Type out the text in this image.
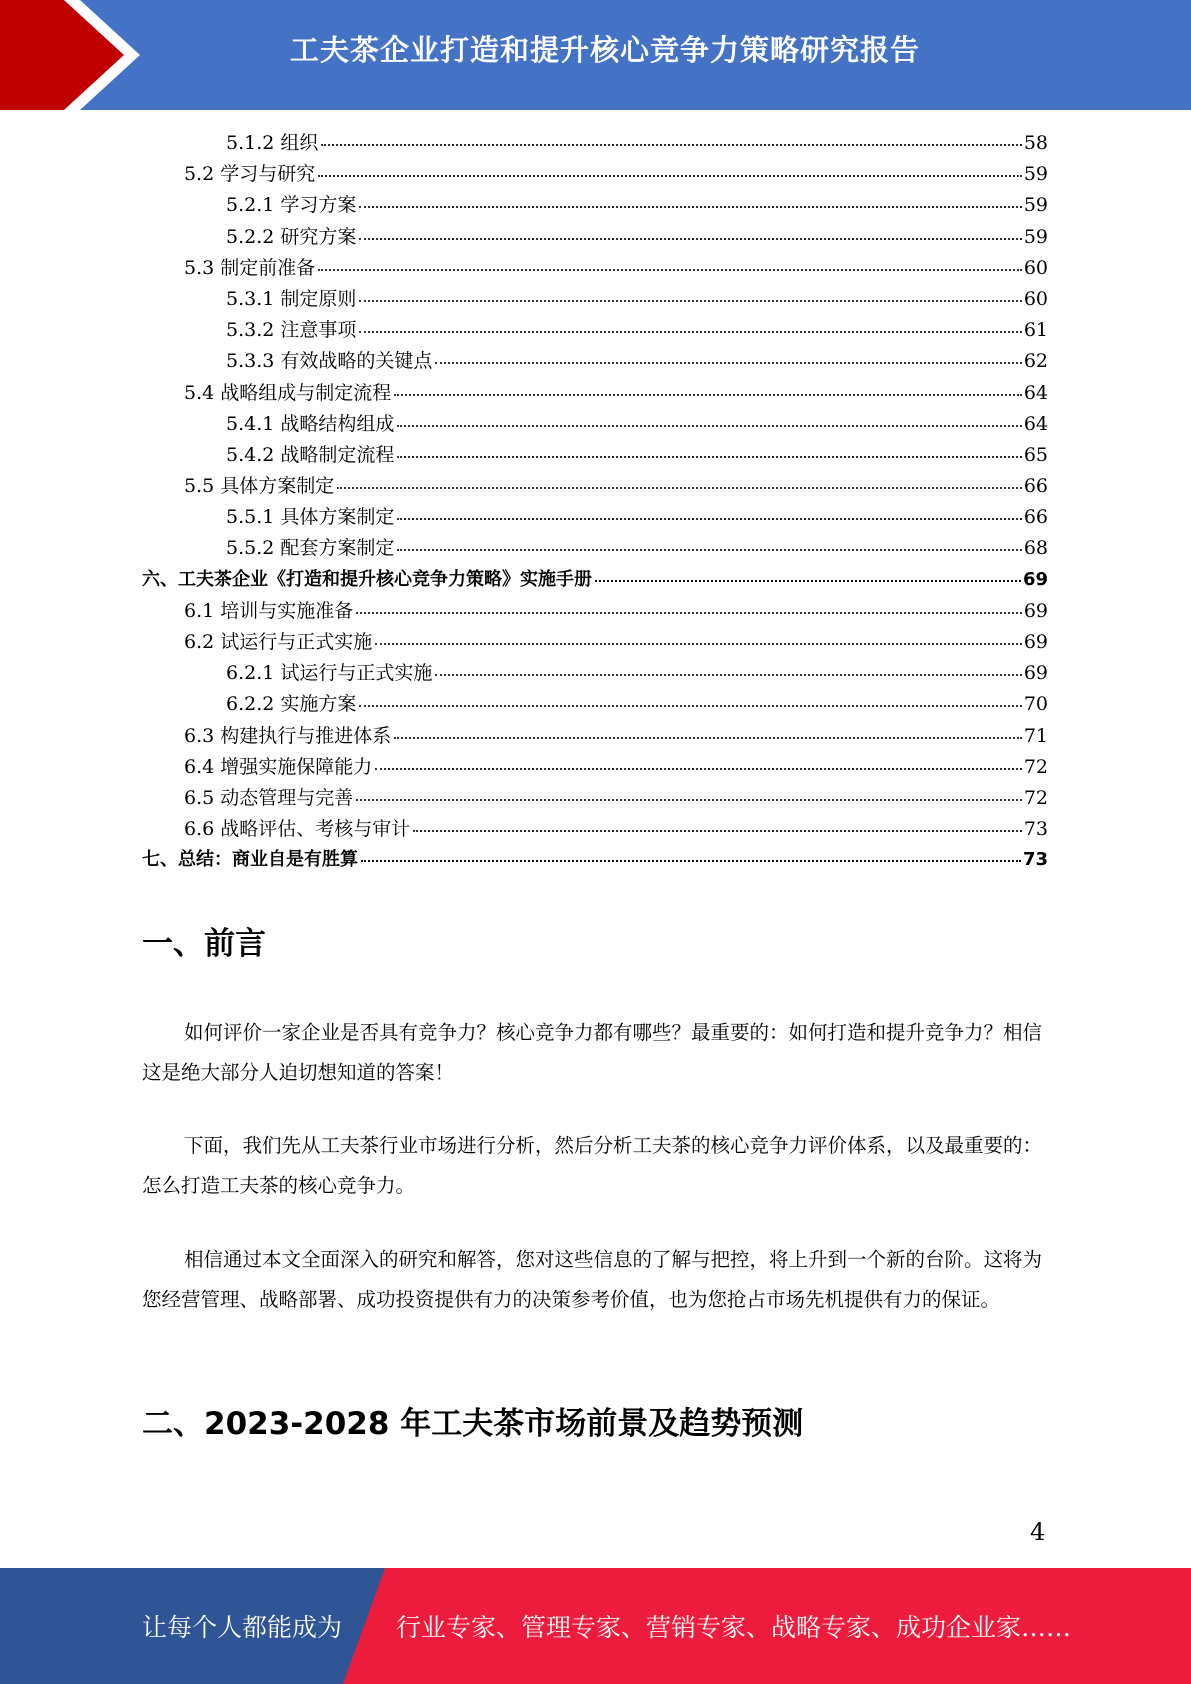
工夫茶企业打造和提升核心竞争力策略研究报告
5.1.2 组织	58
5.2 学习与研究	59
5.2.1 学习方案	59
5.2.2 研究方案	59
5.3 制定前准备	60
5.3.1 制定原则	60
5.3.2 注意事项	61
5.3.3 有效战略的关键点	62
5.4 战略组成与制定流程	64
5.4.1 战略结构组成	64
5.4.2 战略制定流程	65
5.5 具体方案制定	66
5.5.1 具体方案制定	66
5.5.2 配套方案制定	68
六、工夫茶企业《打造和提升核心竞争力策略》实施手册	69
6.1 培训与实施准备	69
6.2 试运行与正式实施	69
6.2.1 试运行与正式实施	69
6.2.2 实施方案	70
6.3 构建执行与推进体系	71
6.4 增强实施保障能力	72
6.5 动态管理与完善	72
6.6 战略评估、考核与审计	73
七、总结：商业自是有胜算	73
一、前言

如何评价一家企业是否具有竞争力？核心竞争力都有哪些？最重要的：如何打造和提升竞争力？相信这是绝大部分人迫切想知道的答案！

下面，我们先从工夫茶行业市场进行分析，然后分析工夫茶的核心竞争力评价体系，以及最重要的：怎么打造工夫茶的核心竞争力。

相信通过本文全面深入的研究和解答，您对这些信息的了解与把控，将上升到一个新的台阶。这将为您经营管理、战略部署、成功投资提供有力的决策参考价值，也为您抢占市场先机提供有力的保证。

二、2023-2028 年工夫茶市场前景及趋势预测
4
让每个人都能成为 行业专家、管理专家、营销专家、战略专家、成功企业家……
